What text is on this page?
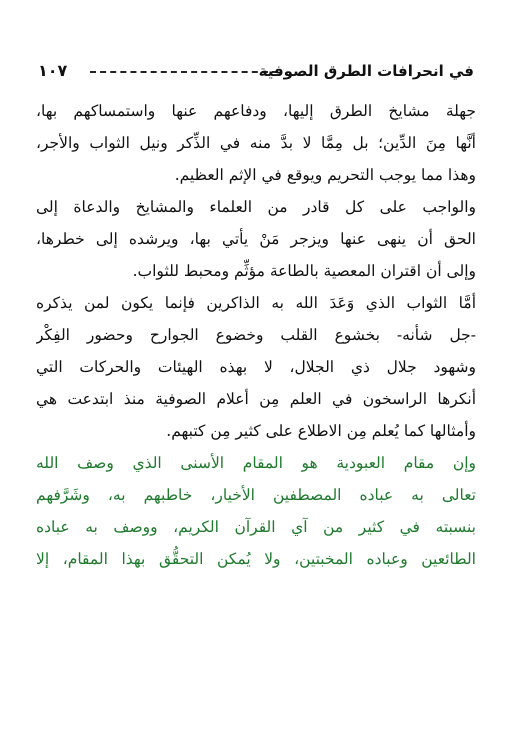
١٠٧	في انحرافات الطرق الصوفية
جهلة مشايخ الطرق إليها، ودفاعهم عنها واستمساكهم بها،
أنَّها مِنَ الدِّين؛ بل مِمَّا لا بدَّ منه في الذِّكر ونيل الثواب والأجر،
وهذا مما يوجب التحريم ويوقع في الإثم العظيم.
والواجب على كل قادر من العلماء والمشايخ والدعاة إلى
الحق أن ينهى عنها ويزجر مَنْ يأتي بها، ويرشده إلى خطرها،
وإلى أن اقتران المعصية بالطاعة مؤثِّم ومحبط للثواب.
أمَّا الثواب الذي وَعَدَ الله به الذاكرين فإنما يكون لمن يذكره
-جل شأنه- بخشوع القلب وخضوع الجوارح وحضور الفِكْر
وشهود جلال ذي الجلال، لا بهذه الهيئات والحركات التي
أنكرها الراسخون في العلم مِن أعلام الصوفية منذ ابتدعت هي
وأمثالها كما يُعلم مِن الاطلاع على كثير مِن كتبهم.
وإن مقام العبودية هو المقام الأسنى الذي وصف الله
تعالى به عباده المصطفين الأخيار، خاطبهم به، وشَرَّفهم
بنسبته في كثير من آي القرآن الكريم، ووصف به عباده
الطائعين وعباده المخبتين، ولا يُمكن التحقُّق بهذا المقام، إلا
